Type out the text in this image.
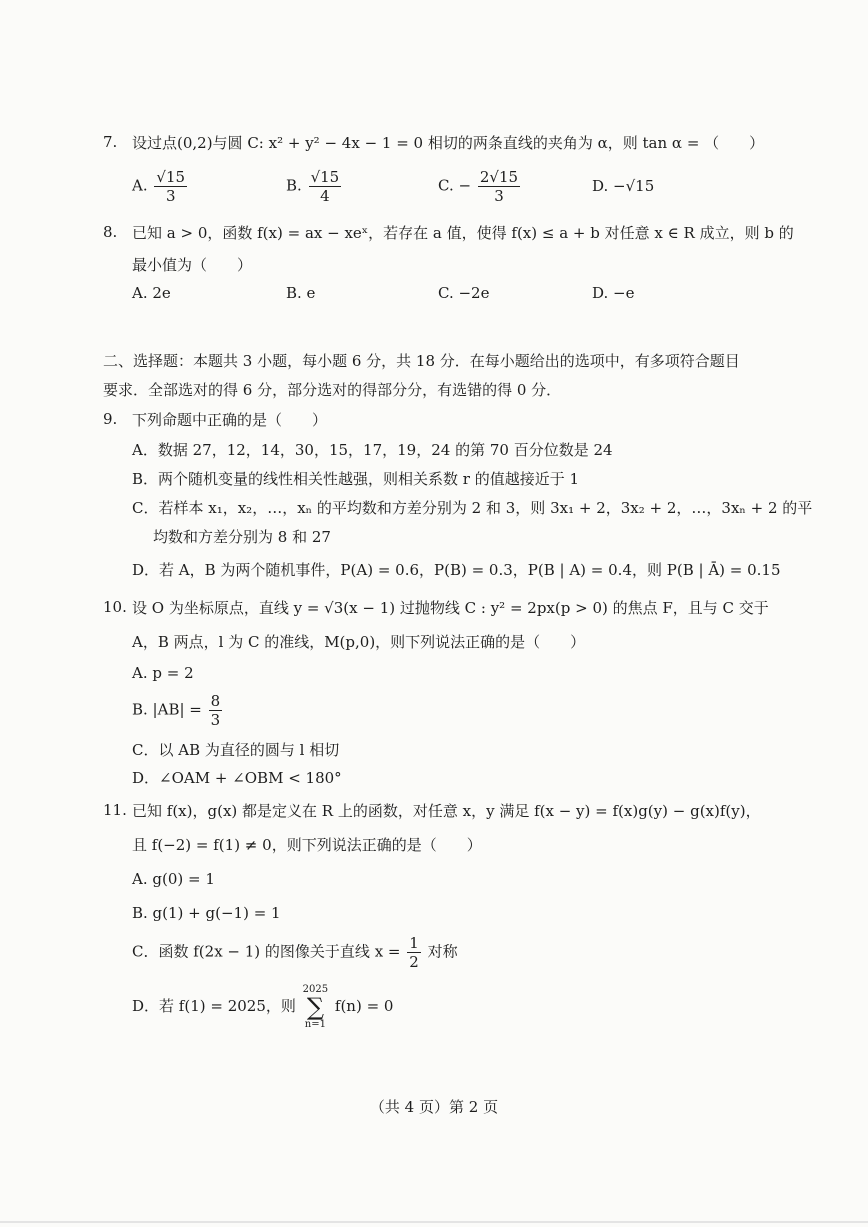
7. 设过点(0,2)与圆 C: x² + y² − 4x − 1 = 0 相切的两条直线的夹角为 α，则 tan α = （　　）
A. $\frac{√15}{3}$	B. $\frac{√15}{4}$	C. − $\frac{2√15}{3}$	D. −√15
8. 已知 a > 0，函数 f(x) = ax − xeˣ，若存在 a 值，使得 f(x) ≤ a + b 对任意 x ∈ R 成立，则 b 的
最小值为（　　）
A. 2e	B. e	C. −2e	D. −e
二、选择题：本题共 3 小题，每小题 6 分，共 18 分．在每小题给出的选项中，有多项符合题目
要求．全部选对的得 6 分，部分选对的得部分分，有选错的得 0 分．
9. 下列命题中正确的是（　　）
A．数据 27，12，14，30，15，17，19，24 的第 70 百分位数是 24
B．两个随机变量的线性相关性越强，则相关系数 r 的值越接近于 1
C．若样本 x₁，x₂，…，xₙ 的平均数和方差分别为 2 和 3，则 3x₁ + 2，3x₂ + 2，…，3xₙ + 2 的平
均数和方差分别为 8 和 27
D．若 A，B 为两个随机事件，P(A) = 0.6，P(B) = 0.3，P(B | A) = 0.4，则 P(B | Ā) = 0.15
10. 设 O 为坐标原点，直线 y = √3(x − 1) 过抛物线 C : y² = 2px(p > 0) 的焦点 F，且与 C 交于
A，B 两点，l 为 C 的准线，M(p,0)，则下列说法正确的是（　　）
A. p = 2
B. $|AB| = \frac{8}{3}$
C．以 AB 为直径的圆与 l 相切
D．∠OAM + ∠OBM < 180°
11. 已知 f(x)，g(x) 都是定义在 R 上的函数，对任意 x，y 满足 f(x − y) = f(x)g(y) − g(x)f(y)，
且 f(−2) = f(1) ≠ 0，则下列说法正确的是（　　）
A. g(0) = 1
B. g(1) + g(−1) = 1
C．函数 f(2x − 1) 的图像关于直线 $x = \frac{1}{2}$ 对称
D．若 f(1) = 2025，则
2025
∑
n=1
f(n) = 0
（共 4 页）第 2 页
